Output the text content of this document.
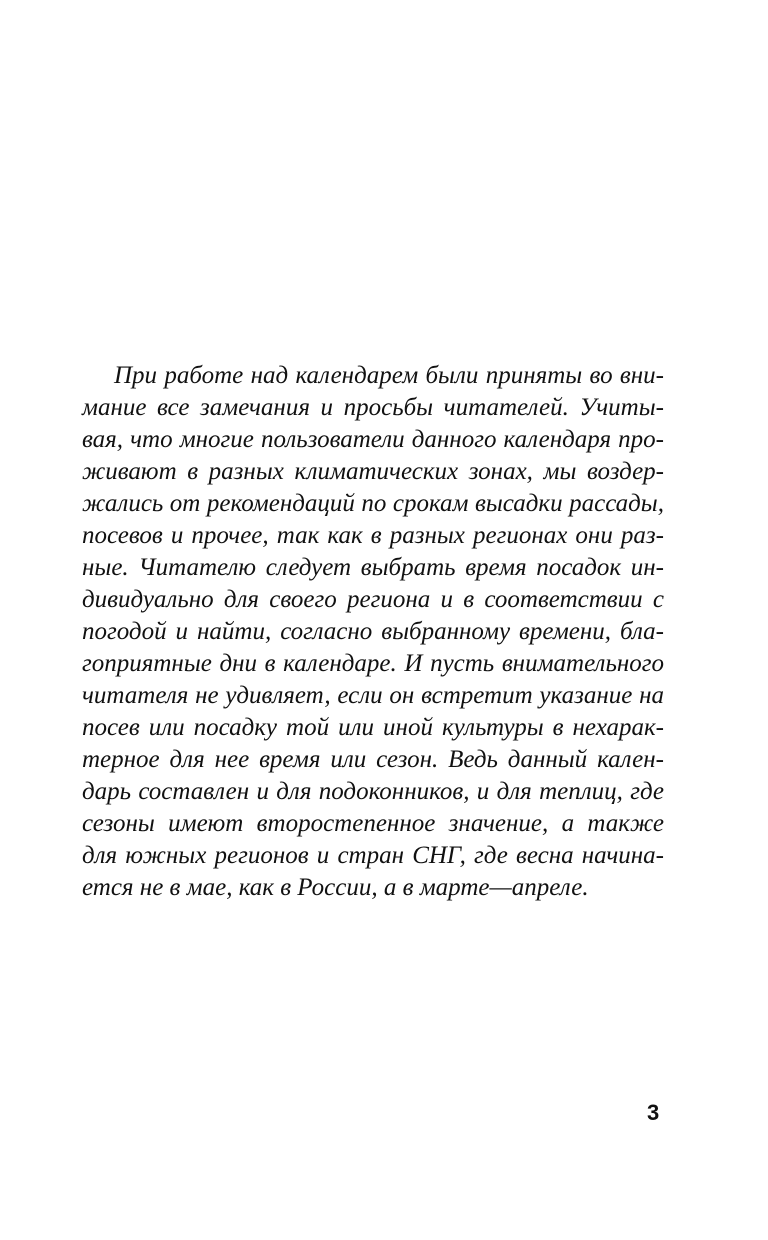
При работе над календарем были приняты во вни-
мание все замечания и просьбы читателей. Учиты-
вая, что многие пользователи данного календаря про-
живают в разных климатических зонах, мы воздер-
жались от рекомендаций по срокам высадки рассады,
посевов и прочее, так как в разных регионах они раз-
ные. Читателю следует выбрать время посадок ин-
дивидуально для своего региона и в соответствии с
погодой и найти, согласно выбранному времени, бла-
гоприятные дни в календаре. И пусть внимательного
читателя не удивляет, если он встретит указание на
посев или посадку той или иной культуры в нехарак-
терное для нее время или сезон. Ведь данный кален-
дарь составлен и для подоконников, и для теплиц, где
сезоны имеют второстепенное значение, а также
для южных регионов и стран СНГ, где весна начина-
ется не в мае, как в России, а в марте—апреле.
3
